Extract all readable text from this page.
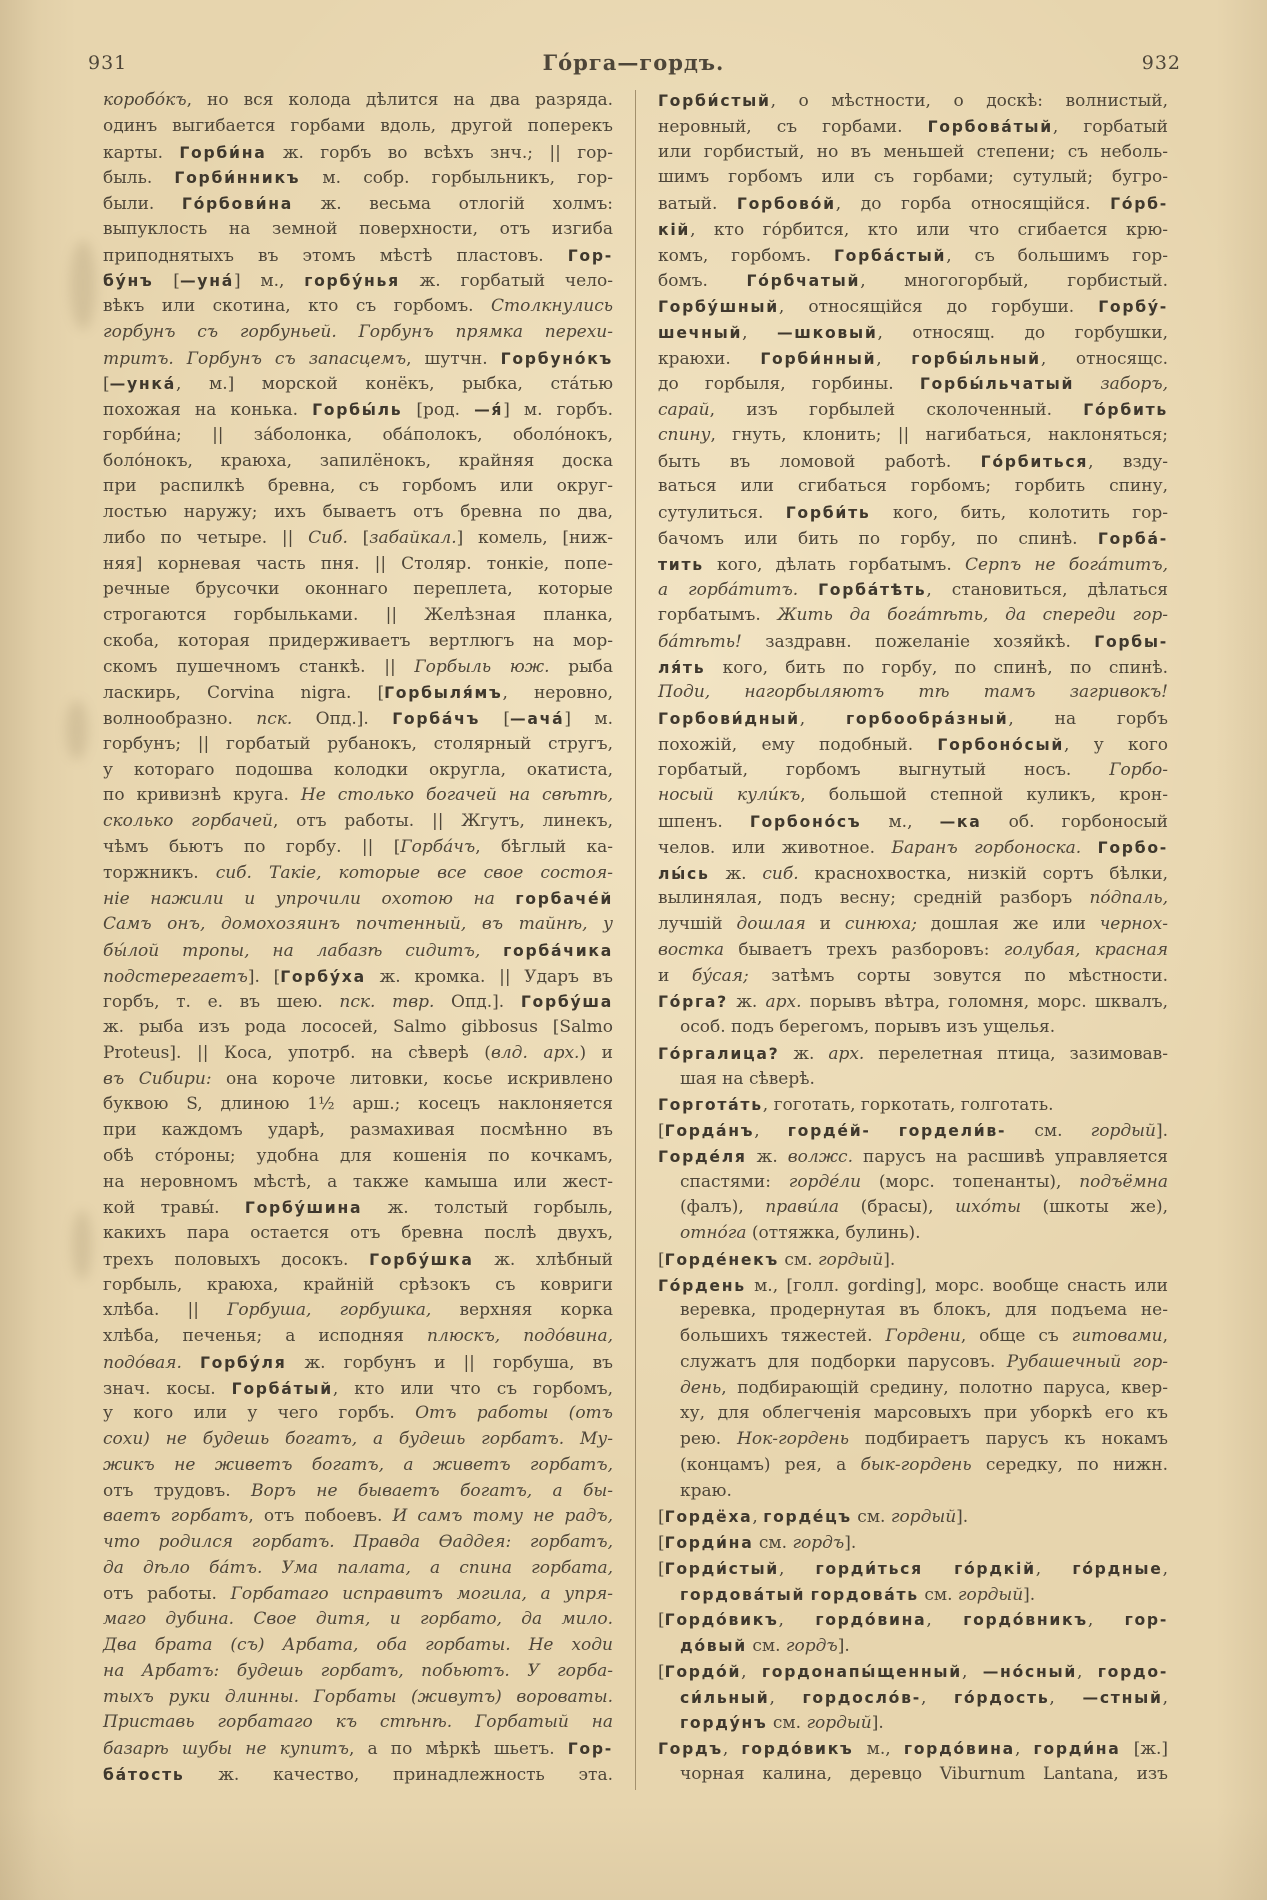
931	Го́рга—гордъ.	932
коробо́къ, но вся колода дѣлится на два разряда.
одинъ выгибается горбами вдоль, другой поперекъ
карты. Горби́на ж. горбъ во всѣхъ знч.; || гор-
быль. Горби́нникъ м. собр. горбыльникъ, гор-
были. Го́рбови́на ж. весьма отлогій холмъ:
выпуклость на земной поверхности, отъ изгиба
приподнятыхъ въ этомъ мѣстѣ пластовъ. Гор-
бу́нъ [—уна́] м., горбу́нья ж. горбатый чело-
вѣкъ или скотина, кто съ горбомъ. Столкнулись
горбунъ съ горбуньей. Горбунъ прямка перехи-
тритъ. Горбунъ съ запасцемъ, шутчн. Горбуно́къ
[—унка́, м.] морской конёкъ, рыбка, ста́тью
похожая на конька. Горбы́ль [род. —я́] м. горбъ.
горби́на; || за́болонка, оба́полокъ, оболо́нокъ,
боло́нокъ, краюха, запилёнокъ, крайняя доска
при распилкѣ бревна, съ горбомъ или округ-
лостью наружу; ихъ бываетъ отъ бревна по два,
либо по четыре. || Сиб. [забайкал.] комель, [ниж-
няя] корневая часть пня. || Столяр. тонкіе, попе-
речные брусочки оконнаго переплета, которые
строгаются горбыльками. || Желѣзная планка,
скоба, которая придерживаетъ вертлюгъ на мор-
скомъ пушечномъ станкѣ. || Горбыль юж. рыба
ласкирь, Corvina nigra. [Горбыля́мъ, неровно,
волнообразно. пск. Опд.]. Горба́чъ [—ача́] м.
горбунъ; || горбатый рубанокъ, столярный стругъ,
у котораго подошва колодки округла, окатиста,
по кривизнѣ круга. Не столько богачей на свѣтѣ,
сколько горбачей, отъ работы. || Жгутъ, линекъ,
чѣмъ бьютъ по горбу. || [Горба́чъ, бѣглый ка-
торжникъ. сиб. Такіе, которые все свое состоя-
ніе нажили и упрочили охотою на горбаче́й
Самъ онъ, домохозяинъ почтенный, въ тайнѣ, у
бы́лой тропы, на лабазѣ сидитъ, горба́чика
подстерегаетъ]. [Горбу́ха ж. кромка. || Ударъ въ
горбъ, т. е. въ шею. пск. твр. Опд.]. Горбу́ша
ж. рыба изъ рода лососей, Salmo gibbosus [Salmo
Proteus]. || Коса, употрб. на сѣверѣ (влд. арх.) и
въ Сибири: она короче литовки, косье искривлено
буквою S, длиною 1½ арш.; косецъ наклоняется
при каждомъ ударѣ, размахивая посмѣнно въ
обѣ сто́роны; удобна для кошенія по кочкамъ,
на неровномъ мѣстѣ, а также камыша или жест-
кой травы́. Горбу́шина ж. толстый горбыль,
какихъ пара остается отъ бревна послѣ двухъ,
трехъ половыхъ досокъ. Горбу́шка ж. хлѣбный
горбыль, краюха, крайній срѣзокъ съ ковриги
хлѣба. || Горбуша, горбушка, верхняя корка
хлѣба, печенья; а исподняя плюскъ, подо́вина,
подо́вая. Горбу́ля ж. горбунъ и || горбуша, въ
знач. косы. Горба́тый, кто или что съ горбомъ,
у кого или у чего горбъ. Отъ работы (отъ
сохи) не будешь богатъ, а будешь горбатъ. Му-
жикъ не живетъ богатъ, а живетъ горбатъ,
отъ трудовъ. Воръ не бываетъ богатъ, а бы-
ваетъ горбатъ, отъ побоевъ. И самъ тому не радъ,
что родился горбатъ. Правда Ѳаддея: горбатъ,
да дѣло ба́тъ. Ума палата, а спина горбата,
отъ работы. Горбатаго исправитъ могила, а упря-
маго дубина. Свое дитя, и горбато, да мило.
Два брата (съ) Арбата, оба горбаты. Не ходи
на Арбатъ: будешь горбатъ, побьютъ. У горба-
тыхъ руки длинны. Горбаты (живутъ) вороваты.
Приставь горбатаго къ стѣнѣ. Горбатый на
базарѣ шубы не купитъ, а по мѣркѣ шьетъ. Гор-
ба́тость ж. качество, принадлежность эта.
Горби́стый, о мѣстности, о доскѣ: волнистый,
неровный, съ горбами. Горбова́тый, горбатый
или горбистый, но въ меньшей степени; съ неболь-
шимъ горбомъ или съ горбами; сутулый; бугро-
ватый. Горбово́й, до горба относящійся. Го́рб-
кій, кто го́рбится, кто или что сгибается крю-
комъ, горбомъ. Горба́стый, съ большимъ гор-
бомъ. Го́рбчатый, многогорбый, горбистый.
Горбу́шный, относящійся до горбуши. Горбу́-
шечный, —шковый, относящ. до горбушки,
краюхи. Горби́нный, горбы́льный, относящс.
до горбыля, горбины. Горбы́льчатый заборъ,
сарай, изъ горбылей сколоченный. Го́рбить
спину, гнуть, клонить; || нагибаться, наклоняться;
быть въ ломовой работѣ. Го́рбиться, взду-
ваться или сгибаться горбомъ; горбить спину,
сутулиться. Горби́ть кого, бить, колотить гор-
бачомъ или бить по горбу, по спинѣ. Горба́-
тить кого, дѣлать горбатымъ. Серпъ не бога́титъ,
а горба́титъ. Горба́тѣть, становиться, дѣлаться
горбатымъ. Жить да бога́тѣть, да спереди гор-
ба́тѣть! заздравн. пожеланіе хозяйкѣ. Горбы-
ля́ть кого, бить по горбу, по спинѣ, по спинѣ.
Поди, нагорбыляютъ тѣ тамъ загривокъ!
Горбови́дный, горбообра́зный, на горбъ
похожій, ему подобный. Горбоно́сый, у кого
горбатый, горбомъ выгнутый носъ. Горбо-
носый кули́къ, большой степной куликъ, крон-
шпенъ. Горбоно́съ м., —ка об. горбоносый
челов. или животное. Баранъ горбоноска. Горбо-
лы́сь ж. сиб. краснохвостка, низкій сортъ бѣлки,
вылинялая, подъ весну; средній разборъ по́дпаль,
лучшій дошлая и синюха; дошлая же или чернох-
востка бываетъ трехъ разборовъ: голубая, красная
и бу́сая; затѣмъ сорты зовутся по мѣстности.
Го́рга? ж. арх. порывъ вѣтра, голомня, морс. шквалъ,
особ. подъ берегомъ, порывъ изъ ущелья.
Го́ргалица? ж. арх. перелетная птица, зазимовав-
шая на сѣверѣ.
Горгота́ть, гоготать, горкотать, голготать.
[Горда́нъ, горде́й- гордели́в- см. гордый].
Горде́ля ж. волжс. парусъ на расшивѣ управляется
спастями: горде́ли (морс. топенанты), подъёмна
(фалъ), прави́ла (брасы), шхо́ты (шкоты же),
отно́га (оттяжка, булинь).
[Горде́некъ см. гордый].
Го́рдень м., [голл. gording], морс. вообще снасть или
веревка, продернутая въ блокъ, для подъема не-
большихъ тяжестей. Гордени, обще съ гитовами,
служатъ для подборки парусовъ. Рубашечный гор-
день, подбирающій средину, полотно паруса, квер-
ху, для облегченія марсовыхъ при уборкѣ его къ
рею. Нок-гордень подбираетъ парусъ къ нокамъ
(концамъ) рея, а бык-гордень середку, по нижн.
краю.
[Гордёха, горде́цъ см. гордый].
[Горди́на см. гордъ].
[Горди́стый, горди́ться го́рдкій, го́рдные,
гордова́тый гордова́ть см. гордый].
[Гордо́викъ, гордо́вина, гордо́вникъ, гор-
до́вый см. гордъ].
[Гордо́й, гордонапы́щенный, —но́сный, гордо-
си́льный, гордосло́в-, го́рдость, —стный,
горду́нъ см. гордый].
Гордъ, гордо́викъ м., гордо́вина, горди́на [ж.]
чорная калина, деревцо Viburnum Lantana, изъ
